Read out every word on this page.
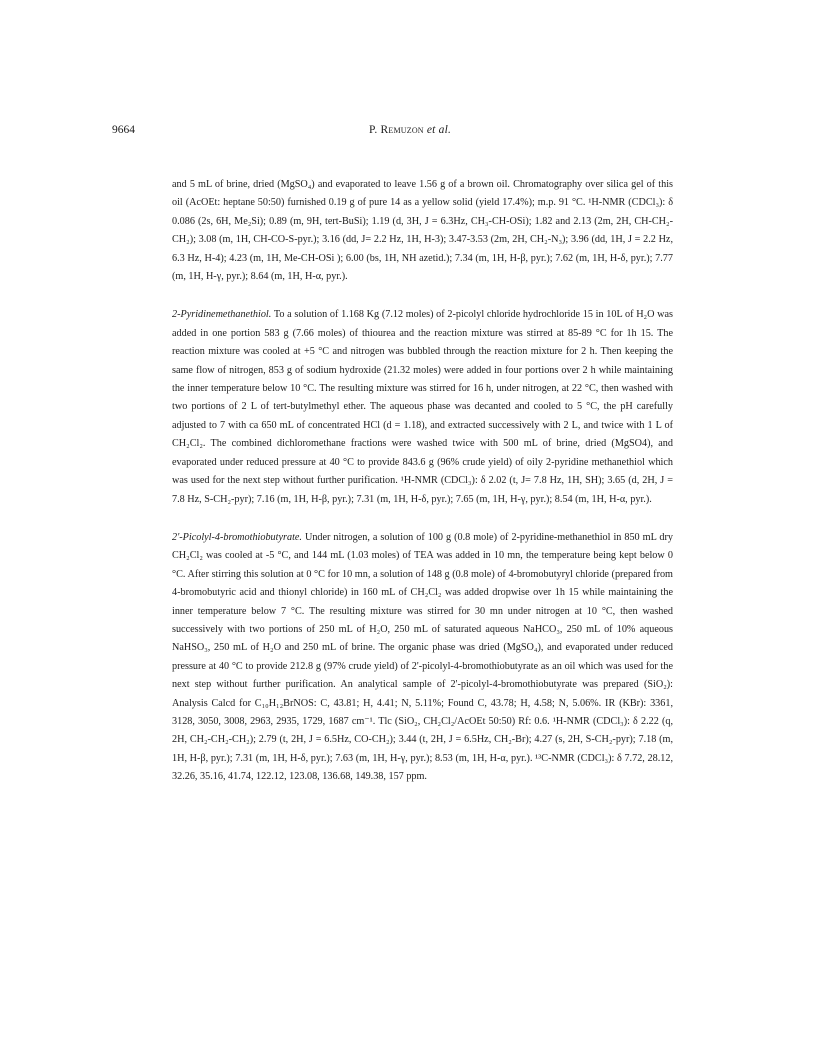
9664	P. Remuzon et al.

and 5 mL of brine, dried (MgSO₄) and evaporated to leave 1.56 g of a brown oil. Chromatography over silica gel of this oil (AcOEt: heptane 50:50) furnished 0.19 g of pure 14 as a yellow solid (yield 17.4%); m.p. 91 °C. ¹H-NMR (CDCl₃): δ 0.086 (2s, 6H, Me₂Si); 0.89 (m, 9H, tert-BuSi); 1.19 (d, 3H, J = 6.3Hz, CH₃-CH-OSi); 1.82 and 2.13 (2m, 2H, CH-CH₂-CH₂); 3.08 (m, 1H, CH-CO-S-pyr.); 3.16 (dd, J= 2.2 Hz, 1H, H-3); 3.47-3.53 (2m, 2H, CH₂-N₃); 3.96 (dd, 1H, J = 2.2 Hz, 6.3 Hz, H-4); 4.23 (m, 1H, Me-CH-OSi ); 6.00 (bs, 1H, NH azetid.); 7.34 (m, 1H, H-β, pyr.); 7.62 (m, 1H, H-δ, pyr.); 7.77 (m, 1H, H-γ, pyr.); 8.64 (m, 1H, H-α, pyr.).

2-Pyridinemethanethiol. To a solution of 1.168 Kg (7.12 moles) of 2-picolyl chloride hydrochloride 15 in 10L of H₂O was added in one portion 583 g (7.66 moles) of thiourea and the reaction mixture was stirred at 85-89 °C for 1h 15. The reaction mixture was cooled at +5 °C and nitrogen was bubbled through the reaction mixture for 2 h. Then keeping the same flow of nitrogen, 853 g of sodium hydroxide (21.32 moles) were added in four portions over 2 h while maintaining the inner temperature below 10 °C. The resulting mixture was stirred for 16 h, under nitrogen, at 22 °C, then washed with two portions of 2 L of tert-butylmethyl ether. The aqueous phase was decanted and cooled to 5 °C, the pH carefully adjusted to 7 with ca 650 mL of concentrated HCl (d = 1.18), and extracted successively with 2 L, and twice with 1 L of CH₂Cl₂. The combined dichloromethane fractions were washed twice with 500 mL of brine, dried (MgSO4), and evaporated under reduced pressure at 40 °C to provide 843.6 g (96% crude yield) of oily 2-pyridine methanethiol which was used for the next step without further purification. ¹H-NMR (CDCl₃): δ 2.02 (t, J= 7.8 Hz, 1H, SH); 3.65 (d, 2H, J = 7.8 Hz, S-CH₂-pyr); 7.16 (m, 1H, H-β, pyr.); 7.31 (m, 1H, H-δ, pyr.); 7.65 (m, 1H, H-γ, pyr.); 8.54 (m, 1H, H-α, pyr.).

2'-Picolyl-4-bromothiobutyrate. Under nitrogen, a solution of 100 g (0.8 mole) of 2-pyridine-methanethiol in 850 mL dry CH₂Cl₂ was cooled at -5 °C, and 144 mL (1.03 moles) of TEA was added in 10 mn, the temperature being kept below 0 °C. After stirring this solution at 0 °C for 10 mn, a solution of 148 g (0.8 mole) of 4-bromobutyryl chloride (prepared from 4-bromobutyric acid and thionyl chloride) in 160 mL of CH₂Cl₂ was added dropwise over 1h 15 while maintaining the inner temperature below 7 °C. The resulting mixture was stirred for 30 mn under nitrogen at 10 °C, then washed successively with two portions of 250 mL of H₂O, 250 mL of saturated aqueous NaHCO₃, 250 mL of 10% aqueous NaHSO₃, 250 mL of H₂O and 250 mL of brine. The organic phase was dried (MgSO₄), and evaporated under reduced pressure at 40 °C to provide 212.8 g (97% crude yield) of 2'-picolyl-4-bromothiobutyrate as an oil which was used for the next step without further purification. An analytical sample of 2'-picolyl-4-bromothiobutyrate was prepared (SiO₂): Analysis Calcd for C₁₀H₁₂BrNOS: C, 43.81; H, 4.41; N, 5.11%; Found C, 43.78; H, 4.58; N, 5.06%. IR (KBr): 3361, 3128, 3050, 3008, 2963, 2935, 1729, 1687 cm⁻¹. Tlc (SiO₂, CH₂Cl₂/AcOEt 50:50) Rf: 0.6. ¹H-NMR (CDCl₃): δ 2.22 (q, 2H, CH₂-CH₂-CH₂); 2.79 (t, 2H, J = 6.5Hz, CO-CH₂); 3.44 (t, 2H, J = 6.5Hz, CH₂-Br); 4.27 (s, 2H, S-CH₂-pyr); 7.18 (m, 1H, H-β, pyr.); 7.31 (m, 1H, H-δ, pyr.); 7.63 (m, 1H, H-γ, pyr.); 8.53 (m, 1H, H-α, pyr.). ¹³C-NMR (CDCl₃): δ 7.72, 28.12, 32.26, 35.16, 41.74, 122.12, 123.08, 136.68, 149.38, 157 ppm.
